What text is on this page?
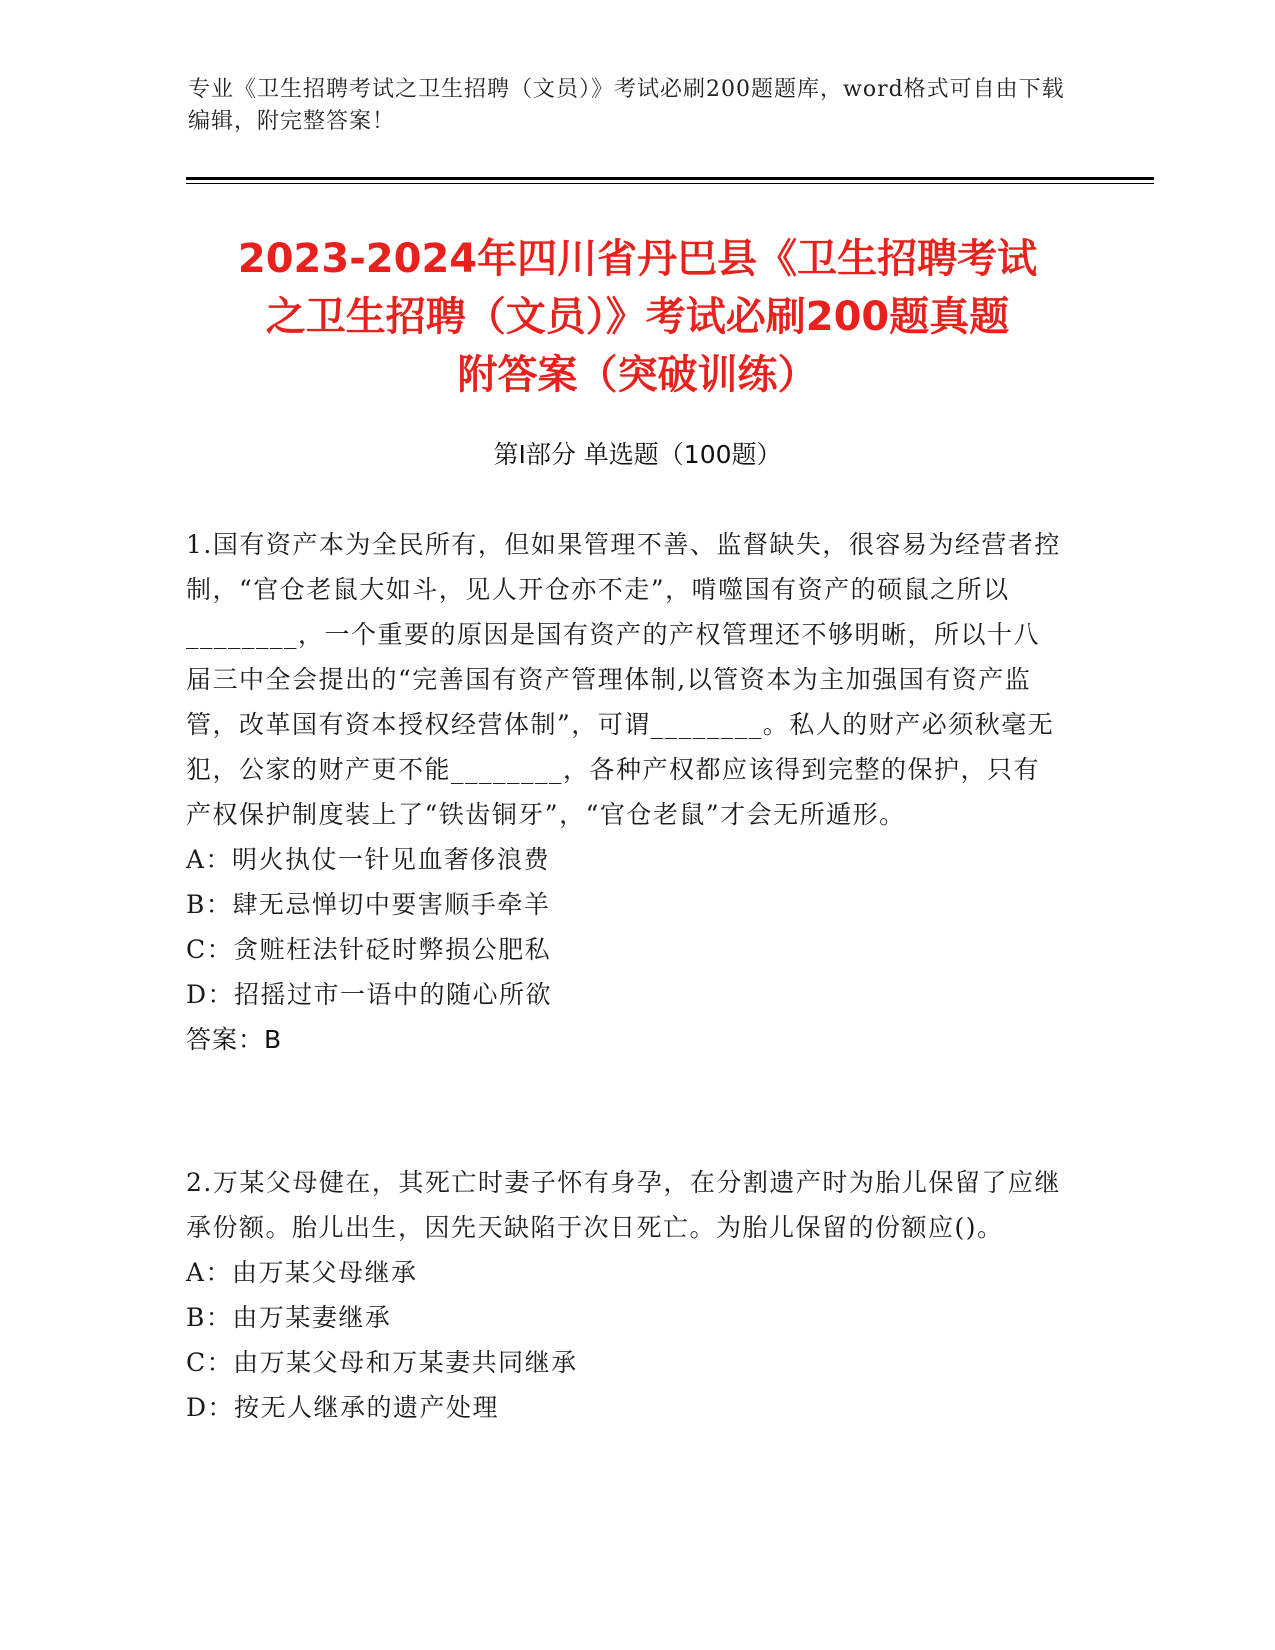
专业《卫生招聘考试之卫生招聘（文员）》考试必刷200题题库，word格式可自由下载编辑，附完整答案！
2023-2024年四川省丹巴县《卫生招聘考试
之卫生招聘（文员）》考试必刷200题真题
附答案（突破训练）
第Ⅰ部分 单选题（100题）

1.国有资产本为全民所有，但如果管理不善、监督缺失，很容易为经营者控制，“官仓老鼠大如斗，见人开仓亦不走”，啃噬国有资产的硕鼠之所以________，一个重要的原因是国有资产的产权管理还不够明晰，所以十八届三中全会提出的“完善国有资产管理体制,以管资本为主加强国有资产监管，改革国有资本授权经营体制”，可谓________。私人的财产必须秋毫无犯，公家的财产更不能________，各种产权都应该得到完整的保护，只有产权保护制度装上了“铁齿铜牙”，“官仓老鼠”才会无所遁形。

A：明火执仗一针见血奢侈浪费

B：肆无忌惮切中要害顺手牵羊

C：贪赃枉法针砭时弊损公肥私

D：招摇过市一语中的随心所欲

答案：B

2.万某父母健在，其死亡时妻子怀有身孕，在分割遗产时为胎儿保留了应继承份额。胎儿出生，因先天缺陷于次日死亡。为胎儿保留的份额应()。

A：由万某父母继承

B：由万某妻继承

C：由万某父母和万某妻共同继承

D：按无人继承的遗产处理
